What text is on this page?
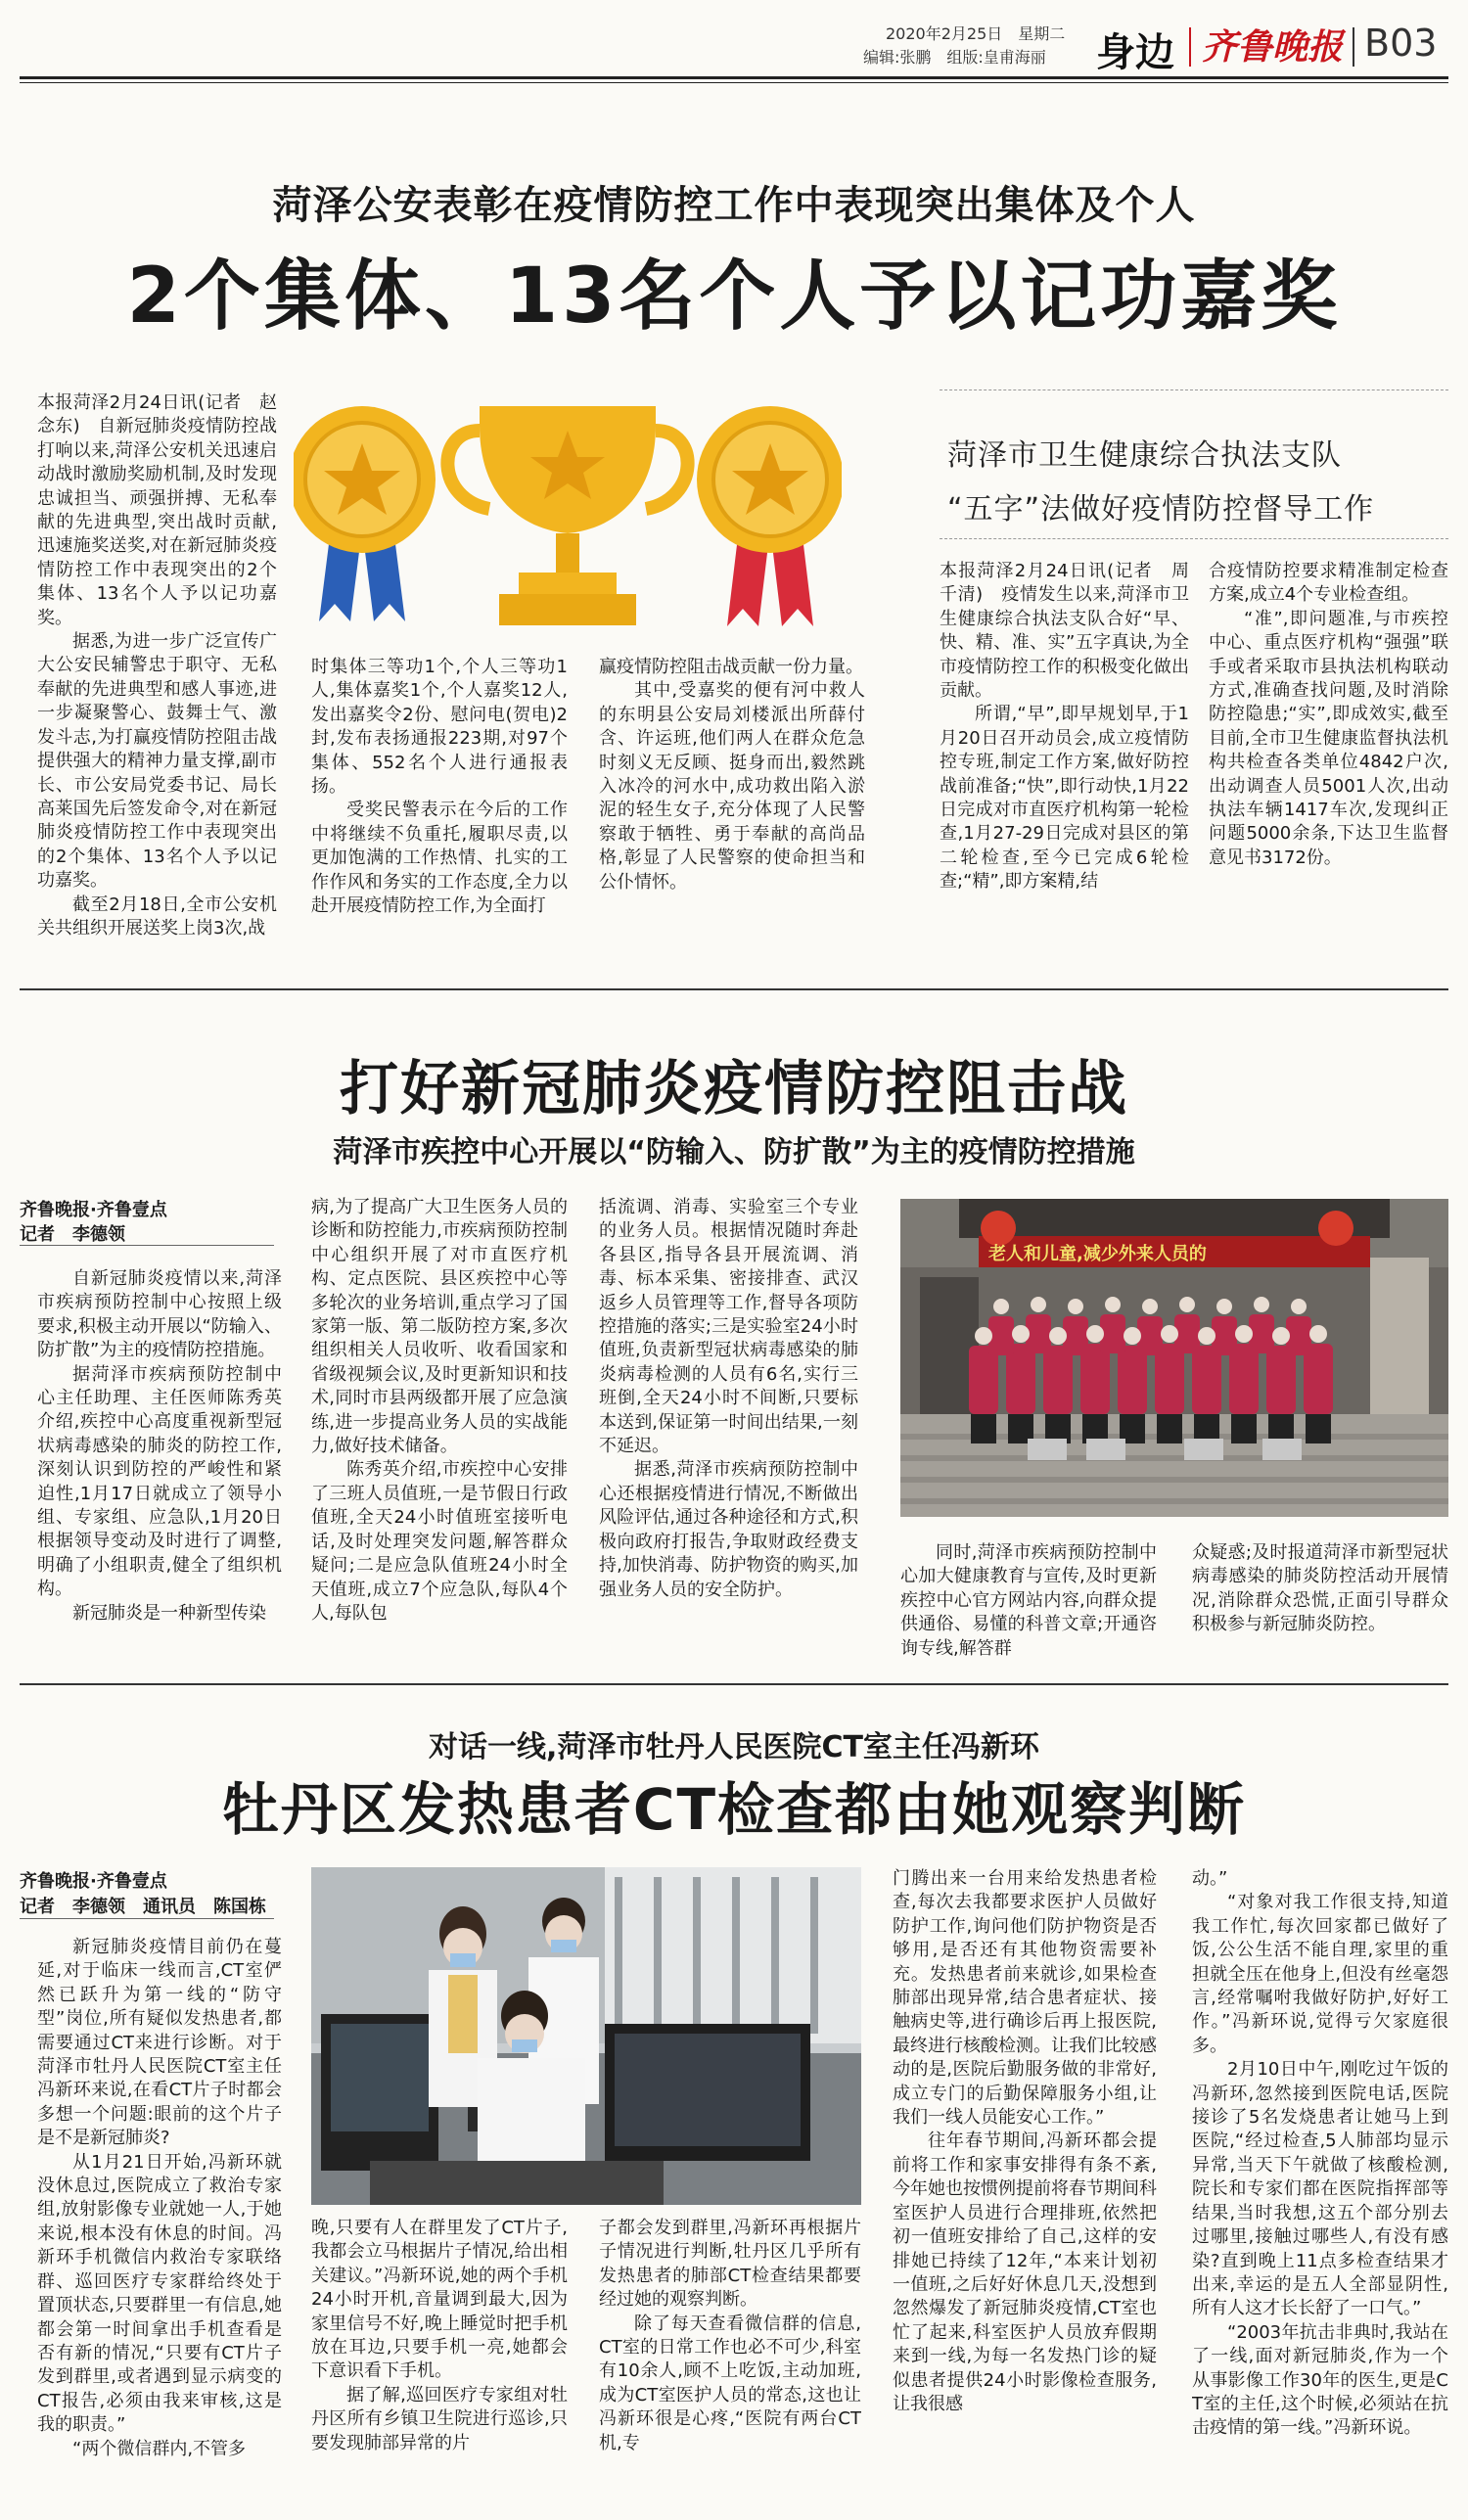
2020年2月25日　星期二
编辑:张鹏　组版:皇甫海丽 身边 齐鲁晚报 B03
菏泽公安表彰在疫情防控工作中表现突出集体及个人
2个集体、13名个人予以记功嘉奖

本报菏泽2月24日讯(记者　赵念东)　自新冠肺炎疫情防控战打响以来,菏泽公安机关迅速启动战时激励奖励机制,及时发现忠诚担当、顽强拼搏、无私奉献的先进典型,突出战时贡献,迅速施奖送奖,对在新冠肺炎疫情防控工作中表现突出的2个集体、13名个人予以记功嘉奖。

据悉,为进一步广泛宣传广大公安民辅警忠于职守、无私奉献的先进典型和感人事迹,进一步凝聚警心、鼓舞士气、激发斗志,为打赢疫情防控阻击战提供强大的精神力量支撑,副市长、市公安局党委书记、局长高莱国先后签发命令,对在新冠肺炎疫情防控工作中表现突出的2个集体、13名个人予以记功嘉奖。

截至2月18日,全市公安机关共组织开展送奖上岗3次,战

时集体三等功1个,个人三等功1人,集体嘉奖1个,个人嘉奖12人,发出嘉奖令2份、慰问电(贺电)2封,发布表扬通报223期,对97个集体、552名个人进行通报表扬。

受奖民警表示在今后的工作中将继续不负重托,履职尽责,以更加饱满的工作热情、扎实的工作作风和务实的工作态度,全力以赴开展疫情防控工作,为全面打

赢疫情防控阻击战贡献一份力量。

其中,受嘉奖的便有河中救人的东明县公安局刘楼派出所薛付含、许运班,他们两人在群众危急时刻义无反顾、挺身而出,毅然跳入冰冷的河水中,成功救出陷入淤泥的轻生女子,充分体现了人民警察敢于牺牲、勇于奉献的高尚品格,彰显了人民警察的使命担当和公仆情怀。

菏泽市卫生健康综合执法支队
“五字”法做好疫情防控督导工作

本报菏泽2月24日讯(记者　周千清)　疫情发生以来,菏泽市卫生健康综合执法支队合好“早、快、精、准、实”五字真诀,为全市疫情防控工作的积极变化做出贡献。

所谓,“早”,即早规划早,于1月20日召开动员会,成立疫情防控专班,制定工作方案,做好防控战前准备;“快”,即行动快,1月22日完成对市直医疗机构第一轮检查,1月27-29日完成对县区的第二轮检查,至今已完成6轮检查;“精”,即方案精,结

合疫情防控要求精准制定检查方案,成立4个专业检查组。

“准”,即问题准,与市疾控中心、重点医疗机构“强强”联手或者采取市县执法机构联动方式,准确查找问题,及时消除防控隐患;“实”,即成效实,截至目前,全市卫生健康监督执法机构共检查各类单位4842户次,出动调查人员5001人次,出动执法车辆1417车次,发现纠正问题5000余条,下达卫生监督意见书3172份。

打好新冠肺炎疫情防控阻击战
菏泽市疾控中心开展以“防输入、防扩散”为主的疫情防控措施
齐鲁晚报·齐鲁壹点
记者　李德领

自新冠肺炎疫情以来,菏泽市疾病预防控制中心按照上级要求,积极主动开展以“防输入、防扩散”为主的疫情防控措施。

据菏泽市疾病预防控制中心主任助理、主任医师陈秀英介绍,疾控中心高度重视新型冠状病毒感染的肺炎的防控工作,深刻认识到防控的严峻性和紧迫性,1月17日就成立了领导小组、专家组、应急队,1月20日根据领导变动及时进行了调整,明确了小组职责,健全了组织机构。

新冠肺炎是一种新型传染

病,为了提高广大卫生医务人员的诊断和防控能力,市疾病预防控制中心组织开展了对市直医疗机构、定点医院、县区疾控中心等多轮次的业务培训,重点学习了国家第一版、第二版防控方案,多次组织相关人员收听、收看国家和省级视频会议,及时更新知识和技术,同时市县两级都开展了应急演练,进一步提高业务人员的实战能力,做好技术储备。

陈秀英介绍,市疾控中心安排了三班人员值班,一是节假日行政值班,全天24小时值班室接听电话,及时处理突发问题,解答群众疑问;二是应急队值班24小时全天值班,成立7个应急队,每队4个人,每队包

括流调、消毒、实验室三个专业的业务人员。根据情况随时奔赴各县区,指导各县开展流调、消毒、标本采集、密接排查、武汉返乡人员管理等工作,督导各项防控措施的落实;三是实验室24小时值班,负责新型冠状病毒感染的肺炎病毒检测的人员有6名,实行三班倒,全天24小时不间断,只要标本送到,保证第一时间出结果,一刻不延迟。

据悉,菏泽市疾病预防控制中心还根据疫情进行情况,不断做出风险评估,通过各种途径和方式,积极向政府打报告,争取财政经费支持,加快消毒、防护物资的购买,加强业务人员的安全防护。

老人和儿童,减少外来人员的

同时,菏泽市疾病预防控制中心加大健康教育与宣传,及时更新疾控中心官方网站内容,向群众提供通俗、易懂的科普文章;开通咨询专线,解答群

众疑惑;及时报道菏泽市新型冠状病毒感染的肺炎防控活动开展情况,消除群众恐慌,正面引导群众积极参与新冠肺炎防控。

对话一线,菏泽市牡丹人民医院CT室主任冯新环
牡丹区发热患者CT检查都由她观察判断
齐鲁晚报·齐鲁壹点
记者　李德领　通讯员　陈国栋

新冠肺炎疫情目前仍在蔓延,对于临床一线而言,CT室俨然已跃升为第一线的“防守型”岗位,所有疑似发热患者,都需要通过CT来进行诊断。对于菏泽市牡丹人民医院CT室主任冯新环来说,在看CT片子时都会多想一个问题:眼前的这个片子是不是新冠肺炎?

从1月21日开始,冯新环就没休息过,医院成立了救治专家组,放射影像专业就她一人,于她来说,根本没有休息的时间。冯新环手机微信内救治专家联络群、巡回医疗专家群给终处于置顶状态,只要群里一有信息,她都会第一时间拿出手机查看是否有新的情况,“只要有CT片子发到群里,或者遇到显示病变的CT报告,必须由我来审核,这是我的职责。”

“两个微信群内,不管多

晚,只要有人在群里发了CT片子,我都会立马根据片子情况,给出相关建议。”冯新环说,她的两个手机24小时开机,音量调到最大,因为家里信号不好,晚上睡觉时把手机放在耳边,只要手机一亮,她都会下意识看下手机。

据了解,巡回医疗专家组对牡丹区所有乡镇卫生院进行巡诊,只要发现肺部异常的片

子都会发到群里,冯新环再根据片子情况进行判断,牡丹区几乎所有发热患者的肺部CT检查结果都要经过她的观察判断。

除了每天查看微信群的信息,CT室的日常工作也必不可少,科室有10余人,顾不上吃饭,主动加班,成为CT室医护人员的常态,这也让冯新环很是心疼,“医院有两台CT机,专

门腾出来一台用来给发热患者检查,每次去我都要求医护人员做好防护工作,询问他们防护物资是否够用,是否还有其他物资需要补充。发热患者前来就诊,如果检查肺部出现异常,结合患者症状、接触病史等,进行确诊后再上报医院,最终进行核酸检测。让我们比较感动的是,医院后勤服务做的非常好,成立专门的后勤保障服务小组,让我们一线人员能安心工作。”

往年春节期间,冯新环都会提前将工作和家事安排得有条不紊,今年她也按惯例提前将春节期间科室医护人员进行合理排班,依然把初一值班安排给了自己,这样的安排她已持续了12年,“本来计划初一值班,之后好好休息几天,没想到忽然爆发了新冠肺炎疫情,CT室也忙了起来,科室医护人员放弃假期来到一线,为每一名发热门诊的疑似患者提供24小时影像检查服务,让我很感

动。”

“对象对我工作很支持,知道我工作忙,每次回家都已做好了饭,公公生活不能自理,家里的重担就全压在他身上,但没有丝毫怨言,经常嘱咐我做好防护,好好工作。”冯新环说,觉得亏欠家庭很多。

2月10日中午,刚吃过午饭的冯新环,忽然接到医院电话,医院接诊了5名发烧患者让她马上到医院,“经过检查,5人肺部均显示异常,当天下午就做了核酸检测,院长和专家们都在医院指挥部等结果,当时我想,这五个部分别去过哪里,接触过哪些人,有没有感染?直到晚上11点多检查结果才出来,幸运的是五人全部显阴性,所有人这才长长舒了一口气。”

“2003年抗击非典时,我站在了一线,面对新冠肺炎,作为一个从事影像工作30年的医生,更是CT室的主任,这个时候,必须站在抗击疫情的第一线。”冯新环说。
